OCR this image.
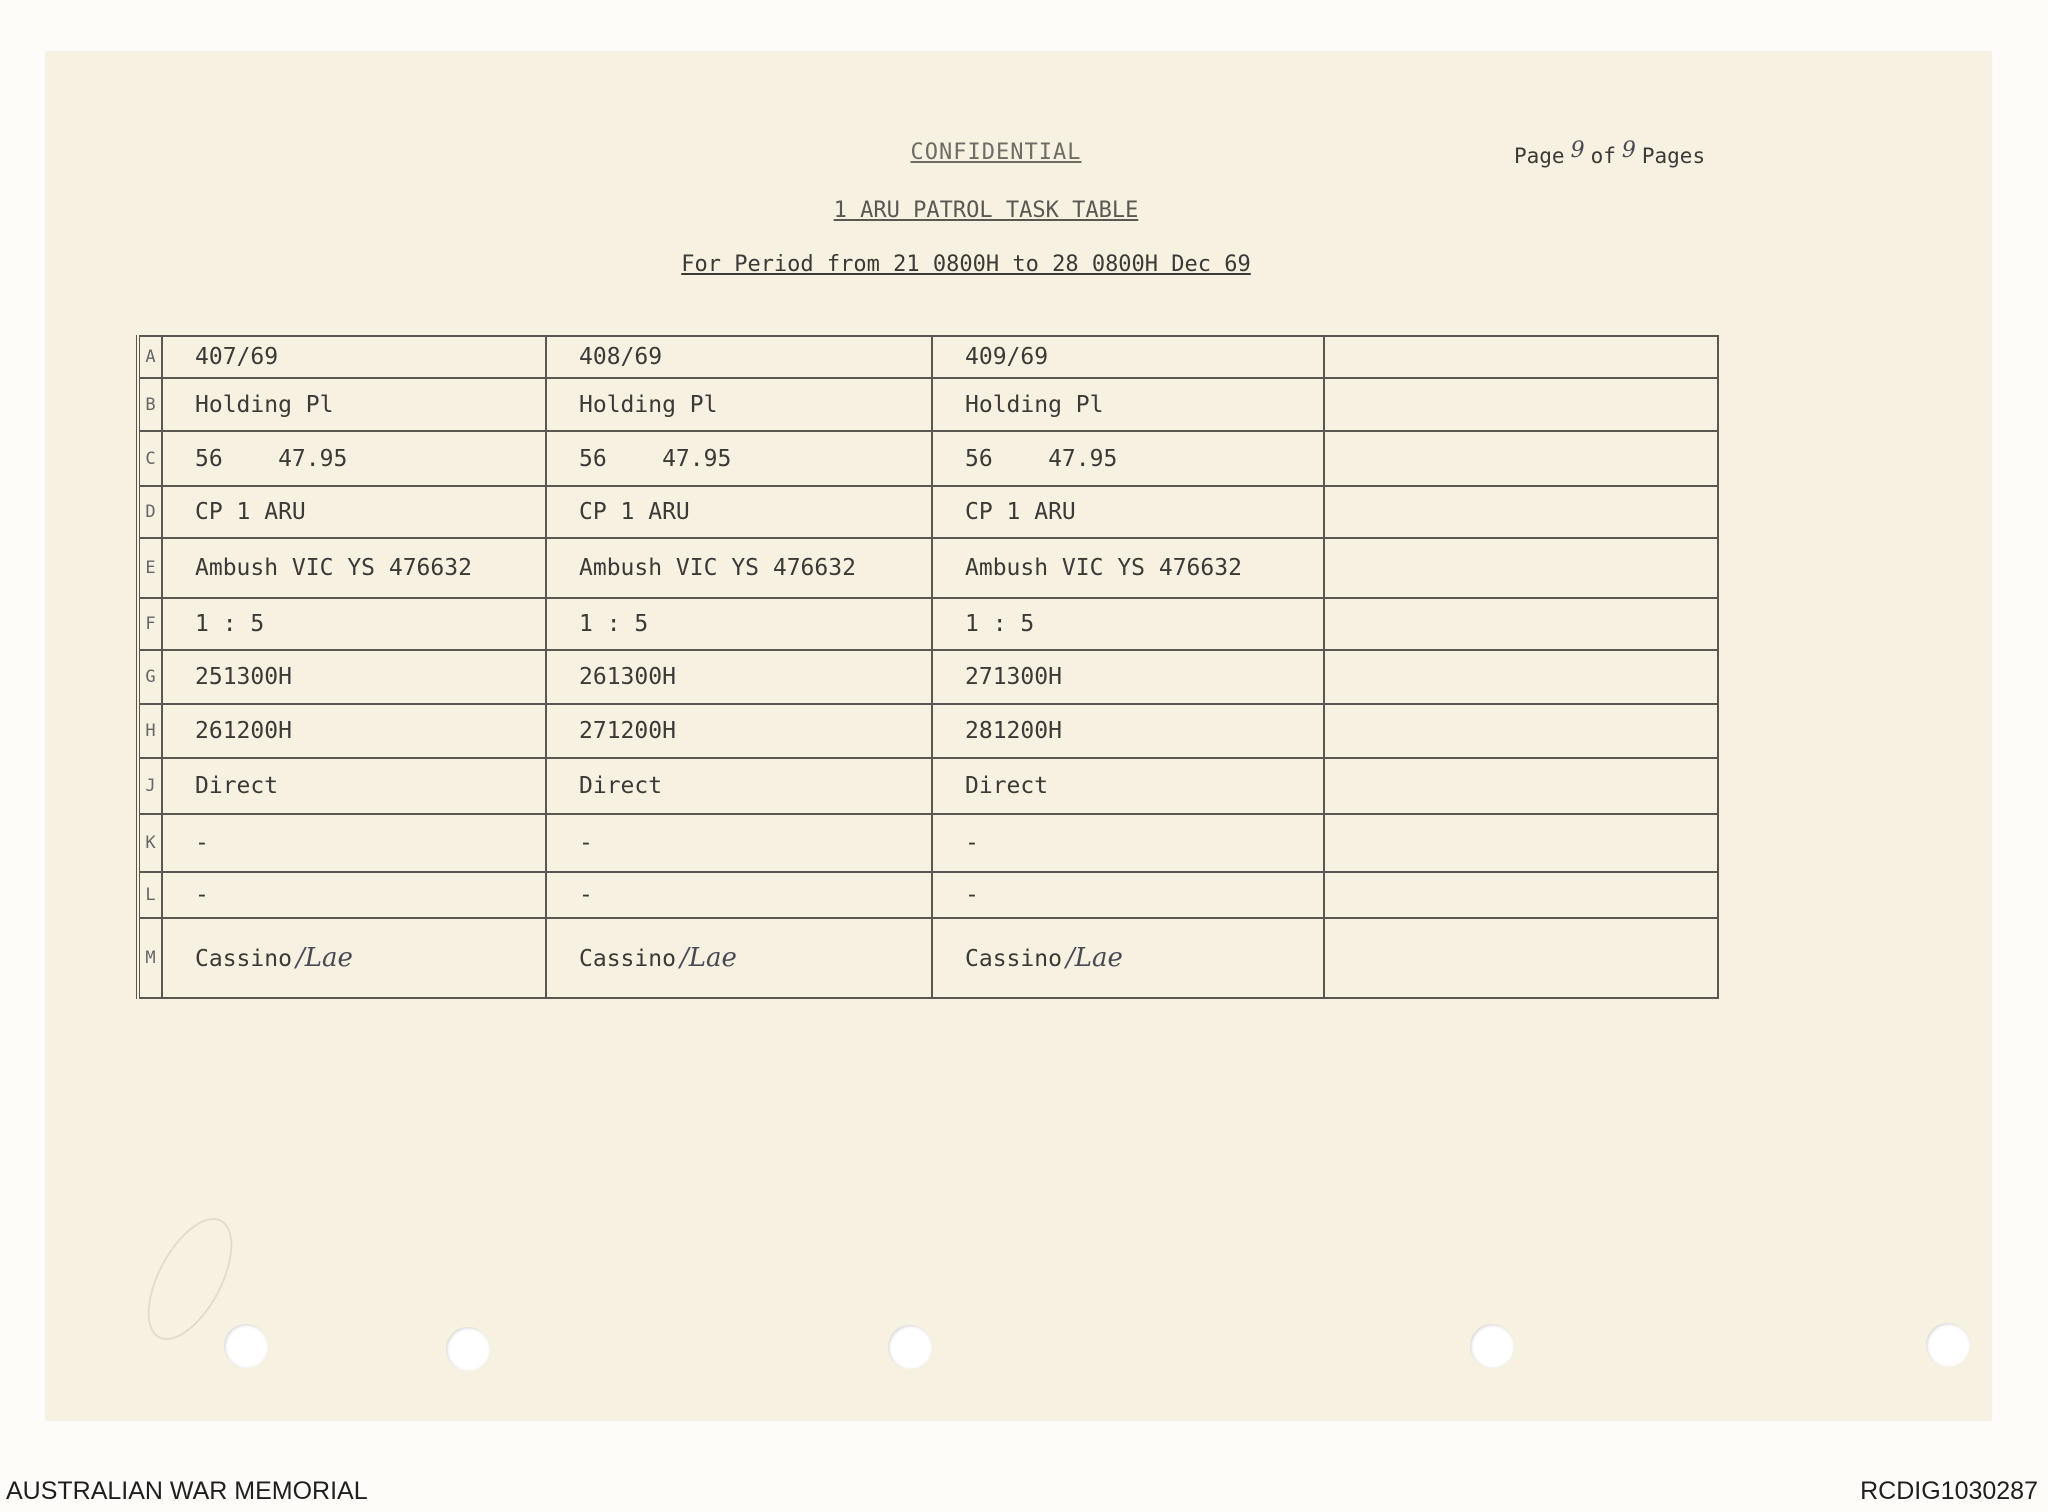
CONFIDENTIAL	Page 9 of 9 Pages
1 ARU PATROL TASK TABLE
For Period from 21 0800H to 28 0800H Dec 69
A	407/69	408/69	409/69	
B	Holding Pl	Holding Pl	Holding Pl	
C	56    47.95	56    47.95	56    47.95	
D	CP 1 ARU	CP 1 ARU	CP 1 ARU	
E	Ambush VIC YS 476632	Ambush VIC YS 476632	Ambush VIC YS 476632	
F	1 : 5	1 : 5	1 : 5	
G	251300H	261300H	271300H	
H	261200H	271200H	281200H	
J	Direct	Direct	Direct	
K	-	-	-	
L	-	-	-	
M	Cassino /Lae	Cassino /Lae	Cassino /Lae	
AUSTRALIAN WAR MEMORIAL	RCDIG1030287
